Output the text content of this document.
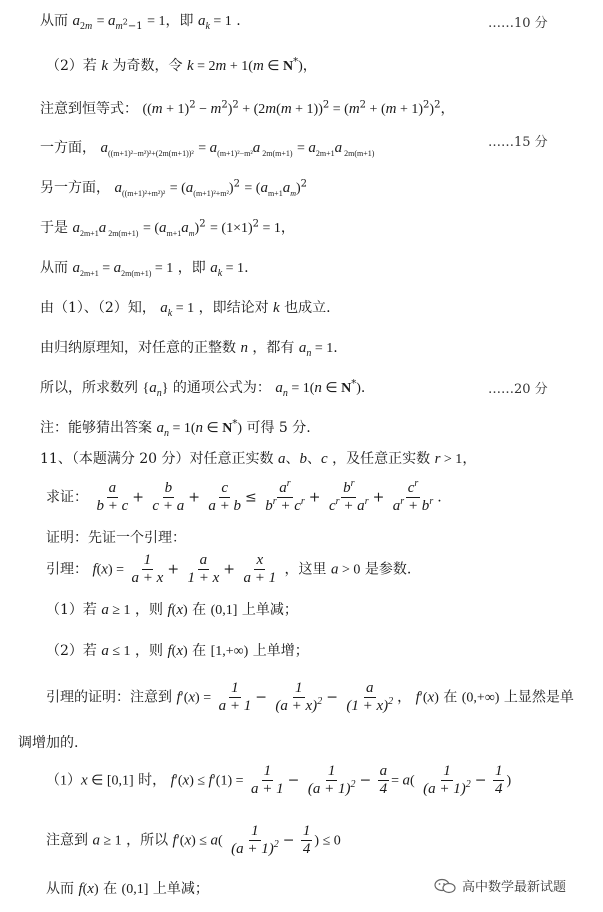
从而 $a_{2m} = a_{m^2-1} = 1$，即 $a_k = 1$ .	……10 分
（2）若 k 为奇数，令 k = 2m + 1(m ∈ N*)，
注意到恒等式： $((m + 1)^2 - m^2)^2 + (2m(m + 1))^2 = (m^2 + (m + 1)^2)^2$，
一方面， $a_{((m+1)^2-m^2)^2+(2m(m+1))^2} = a_{(m+1)^2-m^2}a$ $_{2m(m+1)} = a_{2m+1}a$ $_{2m(m+1)}$
……15 分
另一方面， $a_{((m+1)^2+m^2)^2} = (a_{(m+1)^2+m^2})^2 = (a_{m+1}a_m)^2$
于是 $a_{2m+1}a$ $_{2m(m+1)} = (a_{m+1}a_m)^2 = (1\times 1)^2 = 1$，
从而 $a_{2m+1} = a_{2m(m+1)} = 1$ ，即 $a_k = 1$.
由（1）、（2）知， $a_k = 1$ ，即结论对 k 也成立.
由归纳原理知，对任意的正整数 n ，都有 $a_n = 1$.
所以，所求数列 $\{a_n\}$ 的通项公式为： $a_n = 1(n$ ∈ N*).	……20 分
注：能够猜出答案 $a_n = 1(n$ ∈ N*) 可得 5 分.
11、（本题满分 20 分）对任意正实数 a、b、c ，及任意正实数 r > 1，
求证： $\frac{a}{b + c} + \frac{b}{c + a} + \frac{c}{a + b} \le \frac{a^r}{b^r + c^r} + \frac{b^r}{c^r + a^r} + \frac{c^r}{a^r + b^r}$ .
证明：先证一个引理：
引理： $f(x) = \frac{1}{a + x} + \frac{a}{1 + x} + \frac{x}{a + 1}$ ，这里 a > 0 是参数.
（1）若 a ≥ 1 ，则 f(x) 在 (0,1] 上单减；
（2）若 a ≤ 1 ，则 f(x) 在 [1,+∞) 上单增；
引理的证明：注意到 $f'(x) = \frac{1}{a + 1} - \frac{1}{(a + x)^2} - \frac{a}{(1 + x)^2}$ ， f′(x) 在 (0,+∞) 上显然是单
调增加的.
（1）x ∈ [0,1] 时， $f'(x) \le f'(1) = \frac{1}{a + 1} - \frac{1}{(a + 1)^2} - \frac{a}{4} = a( \frac{1}{(a + 1)^2} - \frac{1}{4}$ )
注意到 a ≥ 1 ，所以 $f'(x) \le a( \frac{1}{(a + 1)^2} - \frac{1}{4}$ ) ≤ 0
从而 f(x) 在 (0,1] 上单减；	高中数学最新试题
